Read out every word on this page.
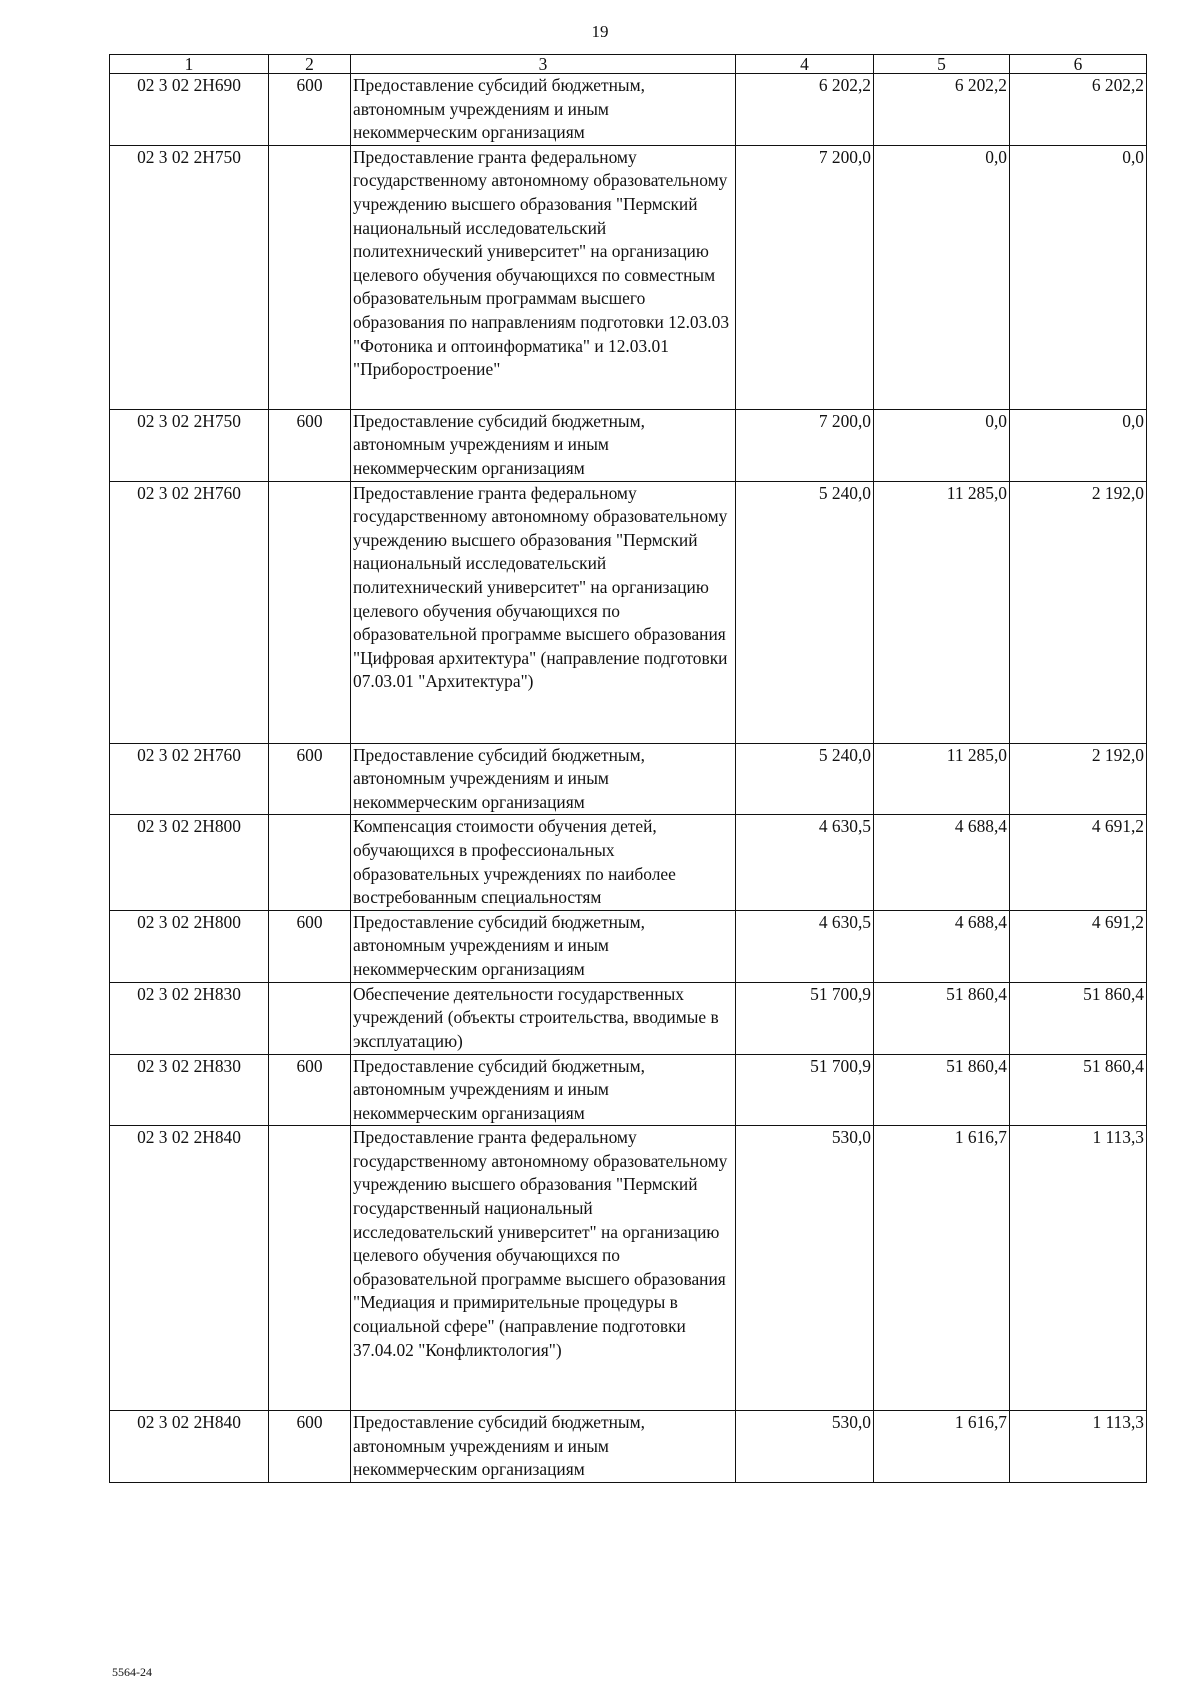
19
1	2	3	4	5	6
02 3 02 2Н690	600	Предоставление субсидий бюджетным, автономным учреждениям и иным некоммерческим организациям	6 202,2	6 202,2	6 202,2
02 3 02 2Н750		Предоставление гранта федеральному государственному автономному образовательному учреждению высшего образования "Пермский национальный исследовательский политехнический университет" на организацию целевого обучения обучающихся по совместным образовательным программам высшего образования по направлениям подготовки 12.03.03 "Фотоника и оптоинформатика" и 12.03.01 "Приборостроение"	7 200,0	0,0	0,0
02 3 02 2Н750	600	Предоставление субсидий бюджетным, автономным учреждениям и иным некоммерческим организациям	7 200,0	0,0	0,0
02 3 02 2Н760		Предоставление гранта федеральному государственному автономному образовательному учреждению высшего образования "Пермский национальный исследовательский политехнический университет" на организацию целевого обучения обучающихся по образовательной программе высшего образования "Цифровая архитектура" (направление подготовки 07.03.01 "Архитектура")	5 240,0	11 285,0	2 192,0
02 3 02 2Н760	600	Предоставление субсидий бюджетным, автономным учреждениям и иным некоммерческим организациям	5 240,0	11 285,0	2 192,0
02 3 02 2Н800		Компенсация стоимости обучения детей, обучающихся в профессиональных образовательных учреждениях по наиболее востребованным специальностям	4 630,5	4 688,4	4 691,2
02 3 02 2Н800	600	Предоставление субсидий бюджетным, автономным учреждениям и иным некоммерческим организациям	4 630,5	4 688,4	4 691,2
02 3 02 2Н830		Обеспечение деятельности государственных учреждений (объекты строительства, вводимые в эксплуатацию)	51 700,9	51 860,4	51 860,4
02 3 02 2Н830	600	Предоставление субсидий бюджетным, автономным учреждениям и иным некоммерческим организациям	51 700,9	51 860,4	51 860,4
02 3 02 2Н840		Предоставление гранта федеральному государственному автономному образовательному учреждению высшего образования "Пермский государственный национальный исследовательский университет" на организацию целевого обучения обучающихся по образовательной программе высшего образования "Медиация и примирительные процедуры в социальной сфере" (направление подготовки 37.04.02 "Конфликтология")	530,0	1 616,7	1 113,3
02 3 02 2Н840	600	Предоставление субсидий бюджетным, автономным учреждениям и иным некоммерческим организациям	530,0	1 616,7	1 113,3
5564-24
